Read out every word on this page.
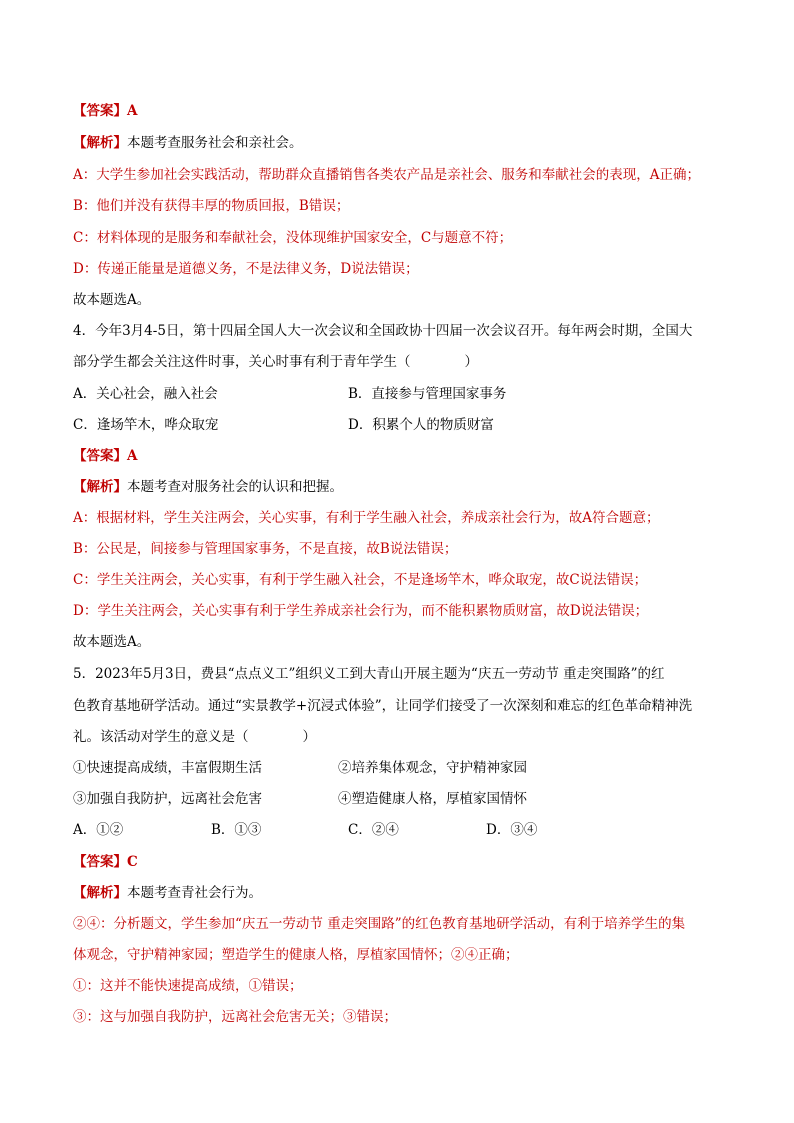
【答案】A
【解析】本题考查服务社会和亲社会。
A：大学生参加社会实践活动，帮助群众直播销售各类农产品是亲社会、服务和奉献社会的表现，A正确；
B：他们并没有获得丰厚的物质回报，B错误；
C：材料体现的是服务和奉献社会，没体现维护国家安全，C与题意不符；
D：传递正能量是道德义务，不是法律义务，D说法错误；
故本题选A。
4．今年3月4-5日，第十四届全国人大一次会议和全国政协十四届一次会议召开。每年两会时期，全国大
部分学生都会关注这件时事，关心时事有利于青年学生（　　　　）
A．关心社会，融入社会	B．直接参与管理国家事务
C．逢场竿木，哗众取宠	D．积累个人的物质财富
【答案】A
【解析】本题考查对服务社会的认识和把握。
A：根据材料，学生关注两会，关心实事，有利于学生融入社会，养成亲社会行为，故A符合题意；
B：公民是，间接参与管理国家事务，不是直接，故B说法错误；
C：学生关注两会，关心实事，有利于学生融入社会，不是逢场竿木，哗众取宠，故C说法错误；
D：学生关注两会，关心实事有利于学生养成亲社会行为，而不能积累物质财富，故D说法错误；
故本题选A。
5．2023年5月3日，费县“点点义工”组织义工到大青山开展主题为“庆五一劳动节 重走突围路”的红
色教育基地研学活动。通过“实景教学+沉浸式体验”，让同学们接受了一次深刻和难忘的红色革命精神洗
礼。该活动对学生的意义是（　　　　）
①快速提高成绩，丰富假期生活	②培养集体观念，守护精神家园
③加强自我防护，远离社会危害	④塑造健康人格，厚植家国情怀
A．①②	B．①③	C．②④	D．③④
【答案】C
【解析】本题考查青社会行为。
②④：分析题文，学生参加“庆五一劳动节 重走突围路”的红色教育基地研学活动，有利于培养学生的集
体观念，守护精神家园；塑造学生的健康人格，厚植家国情怀；②④正确；
①：这并不能快速提高成绩，①错误；
③：这与加强自我防护，远离社会危害无关；③错误；
